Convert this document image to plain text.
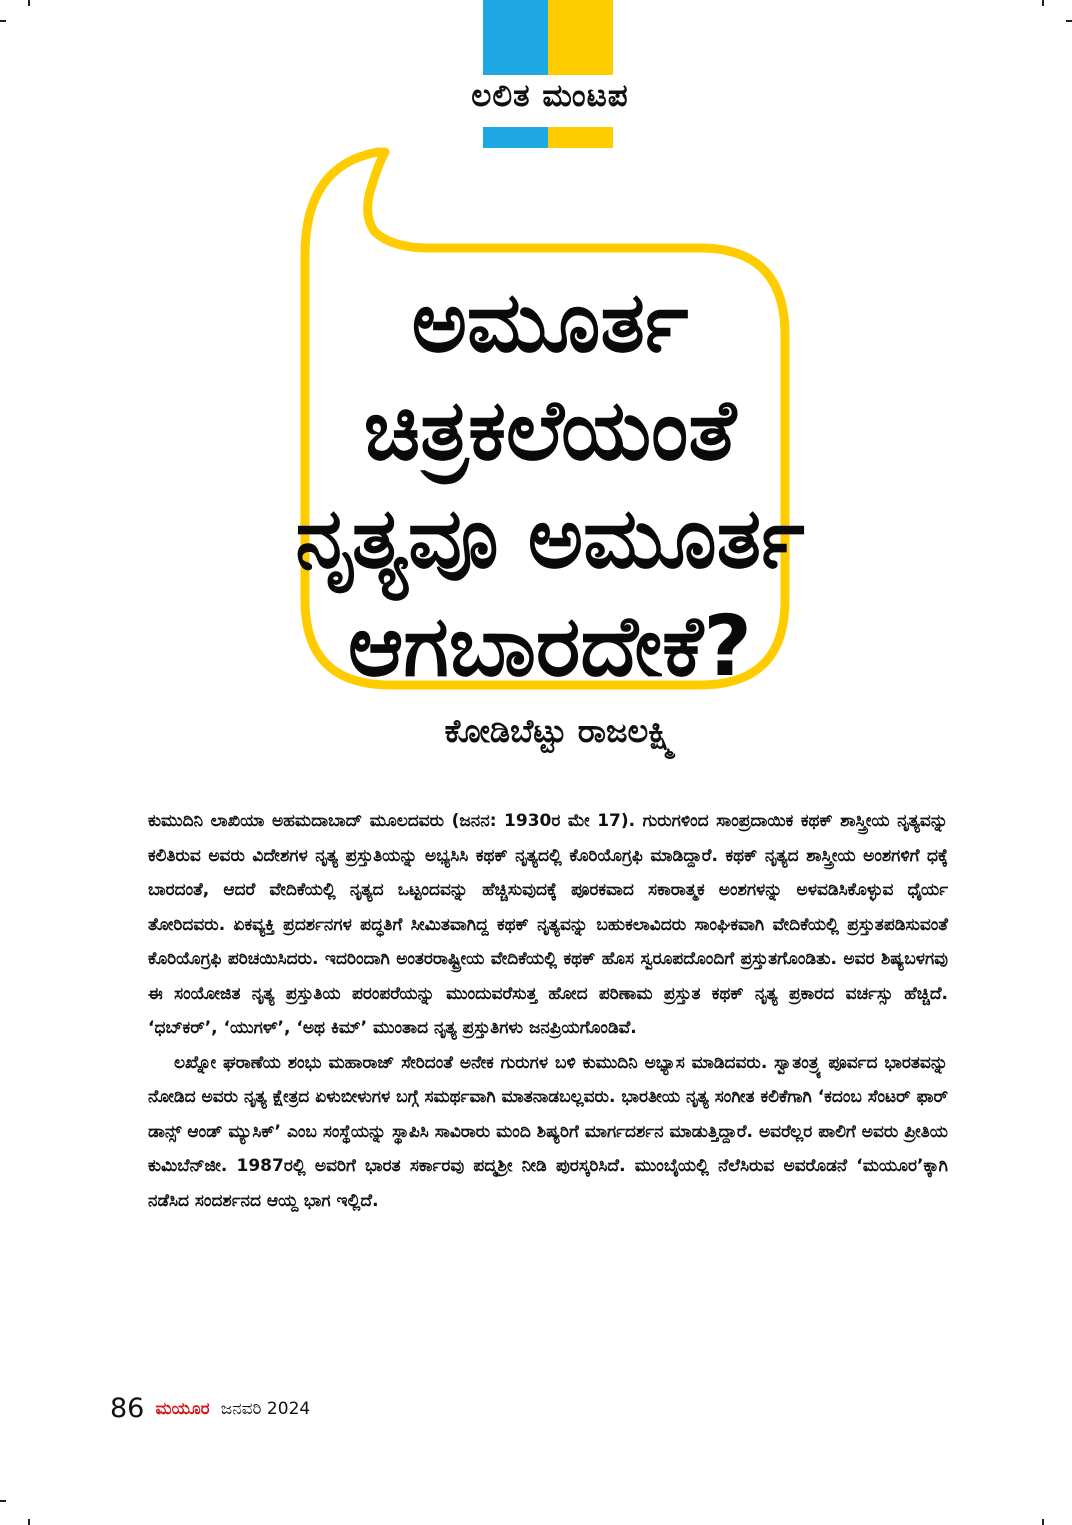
ಲಲಿತ ಮಂಟಪ
ಅಮೂರ್ತ
ಚಿತ್ರಕಲೆಯಂತೆ
ನೃತ್ಯವೂ ಅಮೂರ್ತ
ಆಗಬಾರದೇಕೆ?
ಕೋಡಿಬೆಟ್ಟು ರಾಜಲಕ್ಷ್ಮಿ

ಕುಮುದಿನಿ ಲಾಖಿಯಾ ಅಹಮದಾಬಾದ್ ಮೂಲದವರು (ಜನನ: 1930ರ ಮೇ 17). ಗುರುಗಳಿಂದ ಸಾಂಪ್ರದಾಯಿಕ ಕಥಕ್ ಶಾಸ್ತ್ರೀಯ ನೃತ್ಯವನ್ನು ಕಲಿತಿರುವ ಅವರು ವಿದೇಶಗಳ ನೃತ್ಯ ಪ್ರಸ್ತುತಿಯನ್ನು ಅಭ್ಯಸಿಸಿ ಕಥಕ್ ನೃತ್ಯದಲ್ಲಿ ಕೊರಿಯೊಗ್ರಫಿ ಮಾಡಿದ್ದಾರೆ. ಕಥಕ್ ನೃತ್ಯದ ಶಾಸ್ತ್ರೀಯ ಅಂಶಗಳಿಗೆ ಧಕ್ಕೆ ಬಾರದಂತೆ, ಆದರೆ ವೇದಿಕೆಯಲ್ಲಿ ನೃತ್ಯದ ಒಟ್ಟಂದವನ್ನು ಹೆಚ್ಚಿಸುವುದಕ್ಕೆ ಪೂರಕವಾದ ಸಕಾರಾತ್ಮಕ ಅಂಶಗಳನ್ನು ಅಳವಡಿಸಿಕೊಳ್ಳುವ ಧೈರ್ಯ ತೋರಿದವರು. ಏಕವ್ಯಕ್ತಿ ಪ್ರದರ್ಶನಗಳ ಪದ್ಧತಿಗೆ ಸೀಮಿತವಾಗಿದ್ದ ಕಥಕ್ ನೃತ್ಯವನ್ನು ಬಹುಕಲಾವಿದರು ಸಾಂಘಿಕವಾಗಿ ವೇದಿಕೆಯಲ್ಲಿ ಪ್ರಸ್ತುತಪಡಿಸುವಂತೆ ಕೊರಿಯೊಗ್ರಫಿ ಪರಿಚಯಿಸಿದರು. ಇದರಿಂದಾಗಿ ಅಂತರರಾಷ್ಟ್ರೀಯ ವೇದಿಕೆಯಲ್ಲಿ ಕಥಕ್ ಹೊಸ ಸ್ವರೂಪದೊಂದಿಗೆ ಪ್ರಸ್ತುತಗೊಂಡಿತು. ಅವರ ಶಿಷ್ಯಬಳಗವು ಈ ಸಂಯೋಜಿತ ನೃತ್ಯ ಪ್ರಸ್ತುತಿಯ ಪರಂಪರೆಯನ್ನು ಮುಂದುವರೆಸುತ್ತ ಹೋದ ಪರಿಣಾಮ ಪ್ರಸ್ತುತ ಕಥಕ್ ನೃತ್ಯ ಪ್ರಕಾರದ ವರ್ಚಸ್ಸು ಹೆಚ್ಚಿದೆ. ‘ಧಬ್‌ಕರ್’, ‘ಯುಗಳ್’, ‘ಅಥ ಕಿಮ್’ ಮುಂತಾದ ನೃತ್ಯ ಪ್ರಸ್ತುತಿಗಳು ಜನಪ್ರಿಯಗೊಂಡಿವೆ.

ಲಖ್ನೋ ಘರಾಣೆಯ ಶಂಭು ಮಹಾರಾಜ್ ಸೇರಿದಂತೆ ಅನೇಕ ಗುರುಗಳ ಬಳಿ ಕುಮುದಿನಿ ಅಭ್ಯಾಸ ಮಾಡಿದವರು. ಸ್ವಾತಂತ್ರ್ಯ ಪೂರ್ವದ ಭಾರತವನ್ನು ನೋಡಿದ ಅವರು ನೃತ್ಯ ಕ್ಷೇತ್ರದ ಏಳುಬೀಳುಗಳ ಬಗ್ಗೆ ಸಮರ್ಥವಾಗಿ ಮಾತನಾಡಬಲ್ಲವರು. ಭಾರತೀಯ ನೃತ್ಯ ಸಂಗೀತ ಕಲಿಕೆಗಾಗಿ ‘ಕದಂಬ ಸೆಂಟರ್ ಫಾರ್ ಡಾನ್ಸ್ ಆಂಡ್ ಮ್ಯುಸಿಕ್’ ಎಂಬ ಸಂಸ್ಥೆಯನ್ನು ಸ್ಥಾಪಿಸಿ ಸಾವಿರಾರು ಮಂದಿ ಶಿಷ್ಯರಿಗೆ ಮಾರ್ಗದರ್ಶನ ಮಾಡುತ್ತಿದ್ದಾರೆ. ಅವರೆಲ್ಲರ ಪಾಲಿಗೆ ಅವರು ಪ್ರೀತಿಯ ಕುಮಿಬೆನ್‌ಜೀ. 1987ರಲ್ಲಿ ಅವರಿಗೆ ಭಾರತ ಸರ್ಕಾರವು ಪದ್ಮಶ್ರೀ ನೀಡಿ ಪುರಸ್ಕರಿಸಿದೆ. ಮುಂಬೈಯಲ್ಲಿ ನೆಲೆಸಿರುವ ಅವರೊಡನೆ ‘ಮಯೂರ’ಕ್ಕಾಗಿ ನಡೆಸಿದ ಸಂದರ್ಶನದ ಆಯ್ದ ಭಾಗ ಇಲ್ಲಿದೆ.

86 ಮಯೂರ ಜನವರಿ 2024
